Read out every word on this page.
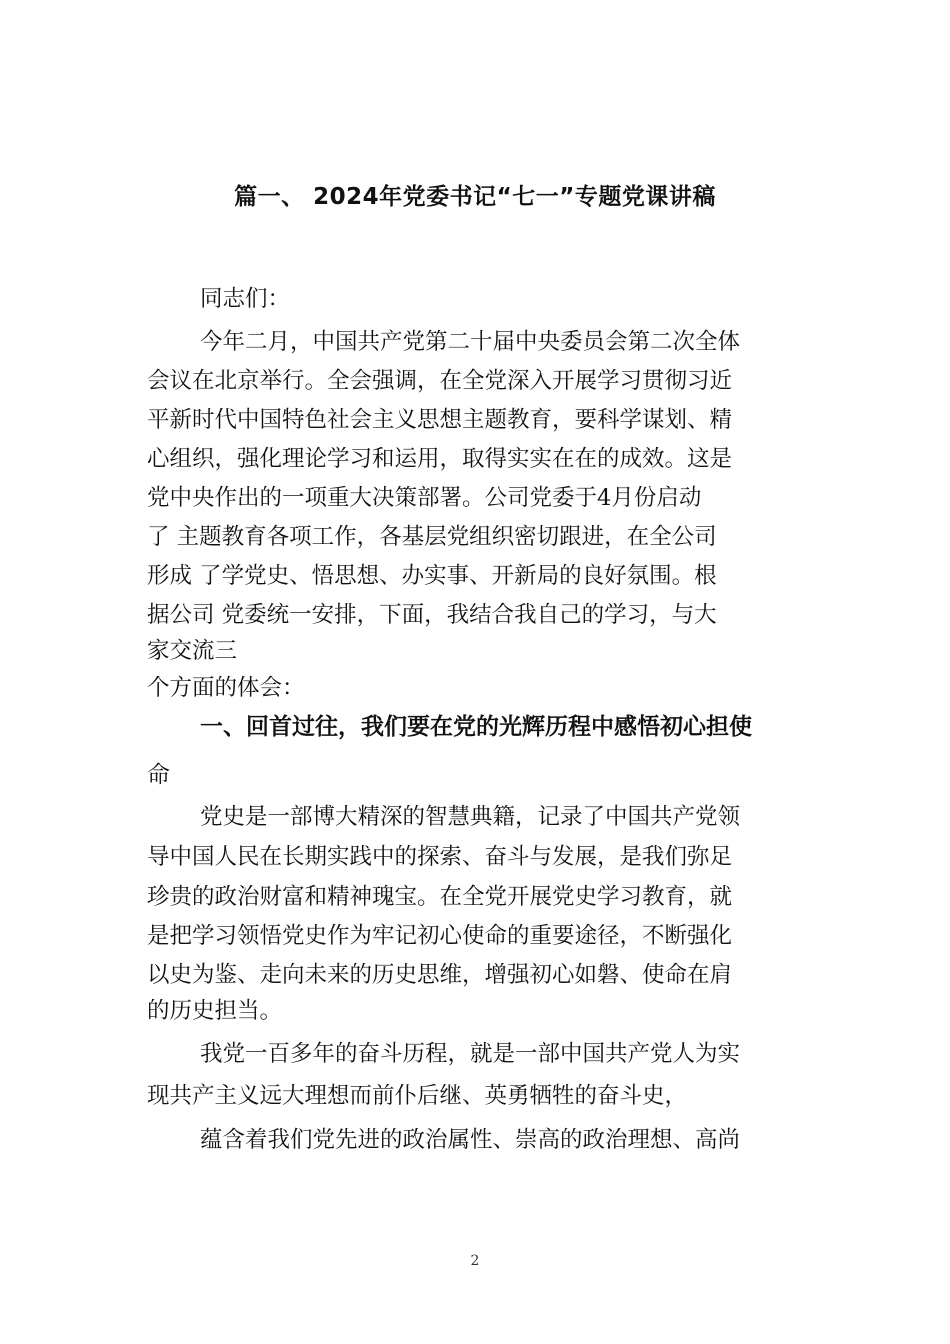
篇一、 2024年党委书记“七一”专题党课讲稿
同志们：
今年二月，中国共产党第二十届中央委员会第二次全体
会议在北京举行。全会强调，在全党深入开展学习贯彻习近
平新时代中国特色社会主义思想主题教育，要科学谋划、精
心组织，强化理论学习和运用，取得实实在在的成效。这是
党中央作出的一项重大决策部署。公司党委于4月份启动
了 主题教育各项工作，各基层党组织密切跟进，在全公司
形成 了学党史、悟思想、办实事、开新局的良好氛围。根
据公司 党委统一安排，下面，我结合我自己的学习，与大
家交流三
个方面的体会：
一、回首过往，我们要在党的光辉历程中感悟初心担使
命
党史是一部博大精深的智慧典籍，记录了中国共产党领
导中国人民在长期实践中的探索、奋斗与发展，是我们弥足
珍贵的政治财富和精神瑰宝。在全党开展党史学习教育，就
是把学习领悟党史作为牢记初心使命的重要途径，不断强化
以史为鉴、走向未来的历史思维，增强初心如磐、使命在肩
的历史担当。
我党一百多年的奋斗历程，就是一部中国共产党人为实
现共产主义远大理想而前仆后继、英勇牺牲的奋斗史，
蕴含着我们党先进的政治属性、崇高的政治理想、高尚
2
